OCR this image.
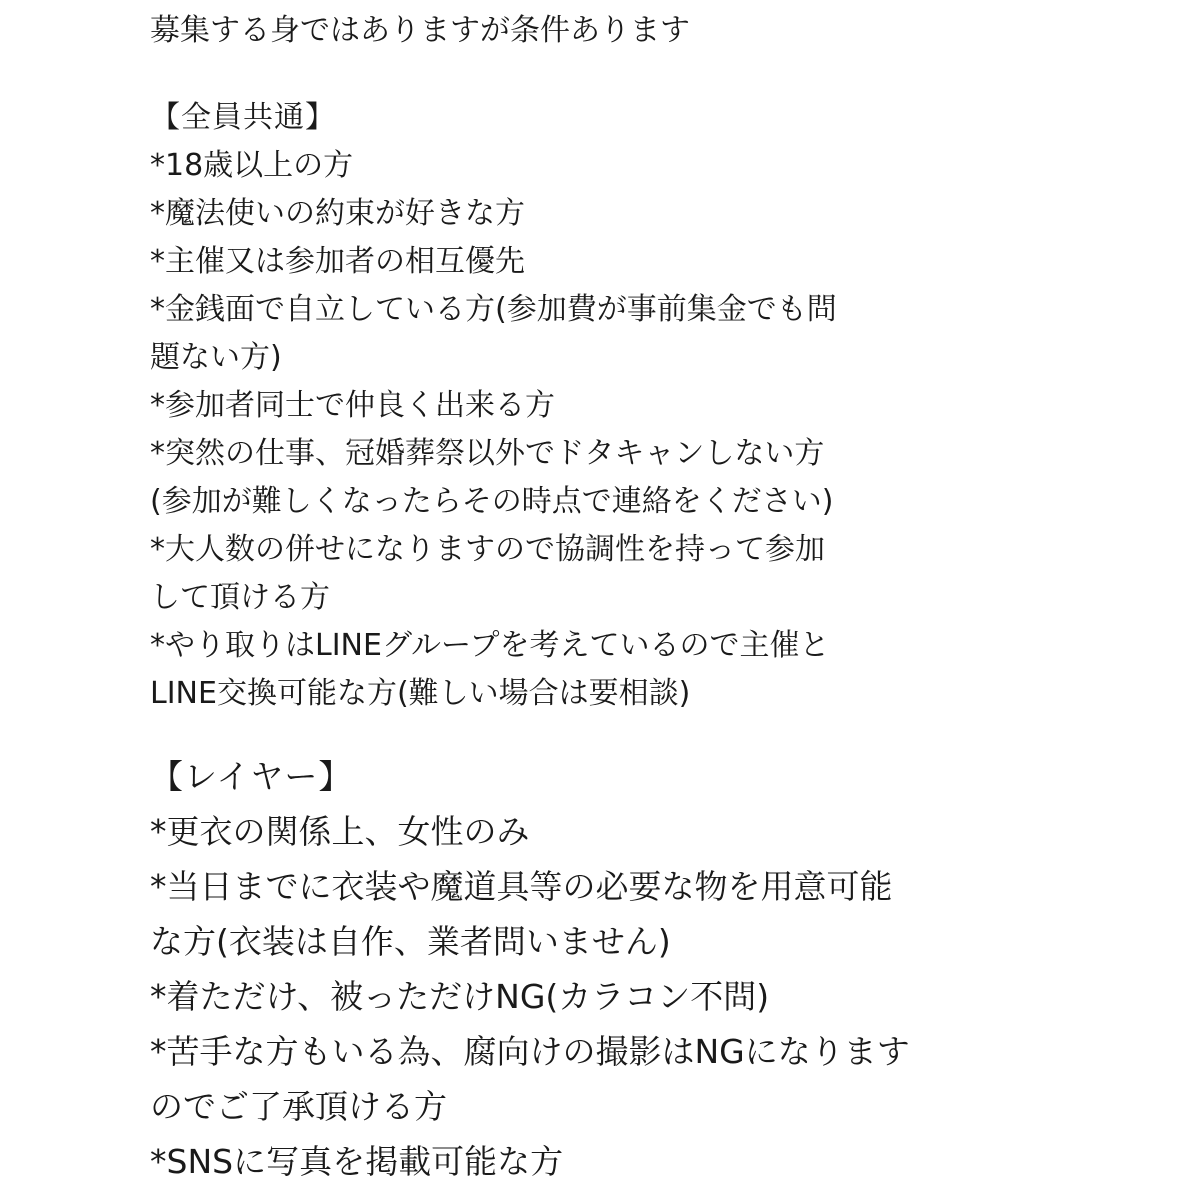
募集する身ではありますが条件あります

【全員共通】

*18歳以上の方

*魔法使いの約束が好きな方

*主催又は参加者の相互優先

*金銭面で自立している方(参加費が事前集金でも問

題ない方)

*参加者同士で仲良く出来る方

*突然の仕事、冠婚葬祭以外でドタキャンしない方

(参加が難しくなったらその時点で連絡をください)

*大人数の併せになりますので協調性を持って参加

して頂ける方

*やり取りはLINEグループを考えているので主催と

LINE交換可能な方(難しい場合は要相談)

【レイヤー】

*更衣の関係上、女性のみ

*当日までに衣装や魔道具等の必要な物を用意可能

な方(衣装は自作、業者問いません)

*着ただけ、被っただけNG(カラコン不問)

*苦手な方もいる為、腐向けの撮影はNGになります

のでご了承頂ける方

*SNSに写真を掲載可能な方
